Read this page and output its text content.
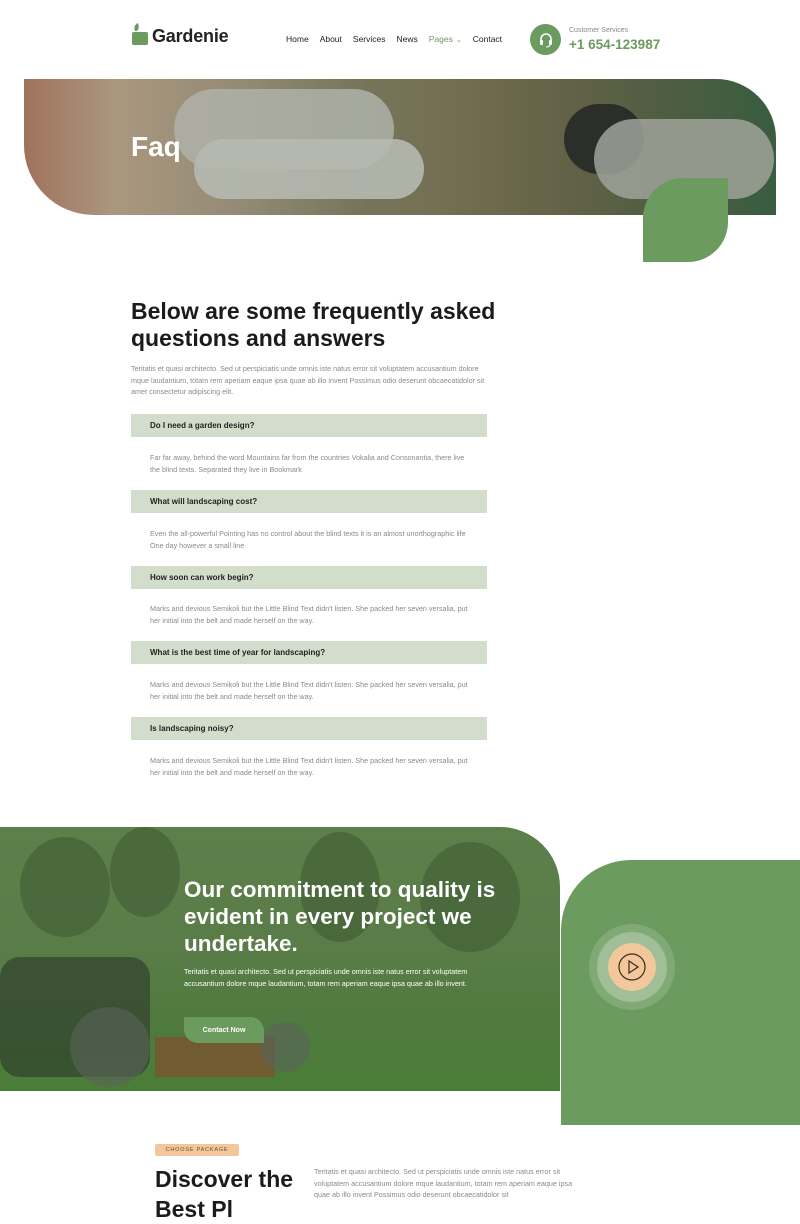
Gardenie	Home About Services News Pages ⌄ Contact
Customer Services
+1 654-123987
Faq
Below are some frequently asked questions and answers
Teritatis et quasi architecto. Sed ut perspiciatis unde omnis iste natus error sit voluptatem accusantium dolore mque laudantium, totam rem aperiam eaque ipsa quae ab illo invent Possimus odio deserunt obcaecatidolor sit amet consectetur adipiscing elit.
Do I need a garden design?
Far far away, behind the word Mountains far from the countries Vokalia and Consonantia, there live the blind texts. Separated they live in Bookmark
What will landscaping cost?
Even the all-powerful Pointing has no control about the blind texts it is an almost unorthographic life One day however a small line
How soon can work begin?
Marks and devious Semikoli but the Little Blind Text didn't listen. She packed her seven versalia, put her initial into the belt and made herself on the way.
What is the best time of year for landscaping?
Marks and devious Semikoli but the Little Blind Text didn't listen. She packed her seven versalia, put her initial into the belt and made herself on the way.
Is landscaping noisy?
Marks and devious Semikoli but the Little Blind Text didn't listen. She packed her seven versalia, put her initial into the belt and made herself on the way.
Our commitment to quality is evident in every project we undertake.
Teritatis et quasi architecto. Sed ut perspiciatis unde omnis iste natus error sit voluptatem accusantium dolore mque laudantium, totam rem aperiam eaque ipsa quae ab illo invent.
Contact Now
CHOOSE PACKAGE
Discover the Best Pl
Teritatis et quasi architecto. Sed ut perspiciatis unde omnis iste natus error sit voluptatem accusantium dolore mque laudantium, totam rem aperiam eaque ipsa quae ab illo invent Possimus odio deserunt obcaecatidolor sit
